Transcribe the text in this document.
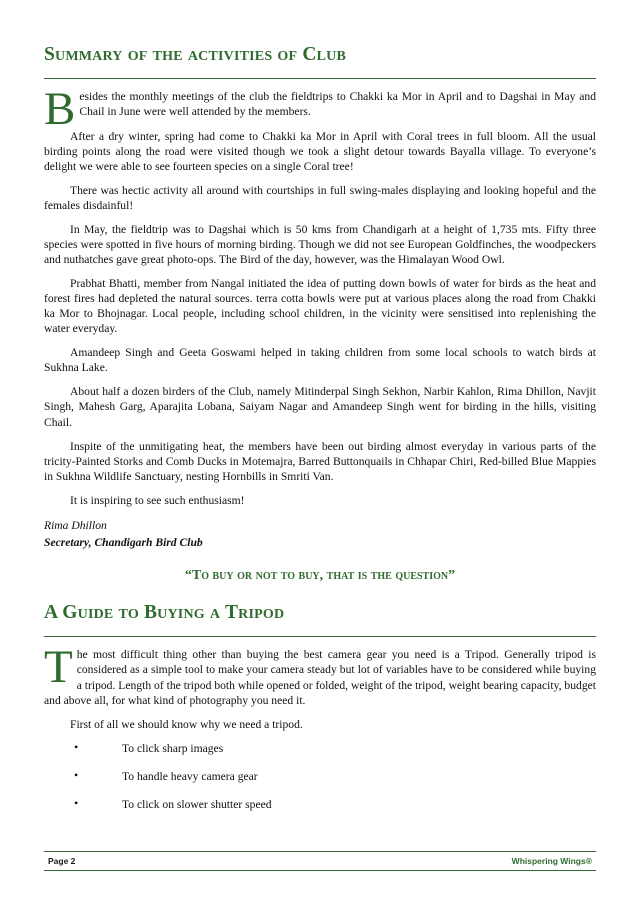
Summary of the activities of Club

Besides the monthly meetings of the club the fieldtrips to Chakki ka Mor in April and to Dagshai in May and Chail in June were well attended by the members.

After a dry winter, spring had come to Chakki ka Mor in April with Coral trees in full bloom. All the usual birding points along the road were visited though we took a slight detour towards Bayalla village. To everyone’s delight we were able to see fourteen species on a single Coral tree!

There was hectic activity all around with courtships in full swing-males displaying and looking hopeful and the females disdainful!

In May, the fieldtrip was to Dagshai which is 50 kms from Chandigarh at a height of 1,735 mts. Fifty three species were spotted in five hours of morning birding. Though we did not see European Goldfinches, the woodpeckers and nuthatches gave great photo-ops. The Bird of the day, however, was the Himalayan Wood Owl.

Prabhat Bhatti, member from Nangal initiated the idea of putting down bowls of water for birds as the heat and forest fires had depleted the natural sources. terra cotta bowls were put at various places along the road from Chakki ka Mor to Bhojnagar. Local people, including school children, in the vicinity were sensitised into replenishing the water everyday.

Amandeep Singh and Geeta Goswami helped in taking children from some local schools to watch birds at Sukhna Lake.

About half a dozen birders of the Club, namely Mitinderpal Singh Sekhon, Narbir Kahlon, Rima Dhillon, Navjit Singh, Mahesh Garg, Aparajita Lobana, Saiyam Nagar and Amandeep Singh went for birding in the hills, visiting Chail.

Inspite of the unmitigating heat, the members have been out birding almost everyday in various parts of the tricity-Painted Storks and Comb Ducks in Motemajra, Barred Buttonquails in Chhapar Chiri, Red-billed Blue Mappies in Sukhna Wildlife Sanctuary, nesting Hornbills in Smriti Van.

It is inspiring to see such enthusiasm!

Rima Dhillon
Secretary, Chandigarh Bird Club
“To buy or not to buy, that is the question”
A Guide to Buying a Tripod

The most difficult thing other than buying the best camera gear you need is a Tripod. Generally tripod is considered as a simple tool to make your camera steady but lot of variables have to be considered while buying a tripod. Length of the tripod both while opened or folded, weight of the tripod, weight bearing capacity, budget and above all, for what kind of photography you need it.

First of all we should know why we need a tripod.

• To click sharp images
• To handle heavy camera gear
• To click on slower shutter speed
Page 2	Whispering Wings®
